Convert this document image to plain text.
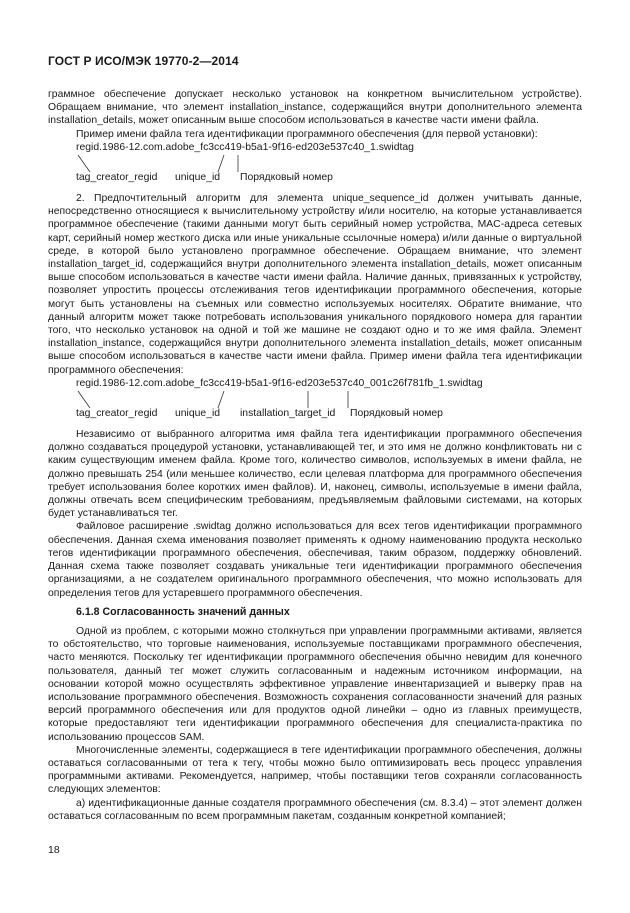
ГОСТ Р ИСО/МЭК 19770-2—2014

граммное обеспечение допускает несколько установок на конкретном вычислительном устройстве). Обращаем внимание, что элемент installation_instance, содержащийся внутри дополнительного элемента installation_details, может описанным выше способом использоваться в качестве части имени файла.

Пример имени файла тега идентификации программного обеспечения (для первой установки):

regid.1986-12.com.adobe_fc3cc419-b5a1-9f16-ed203e537c40_1.swidtag

tag_creator_regid unique_id Порядковый номер

2. Предпочтительный алгоритм для элемента unique_sequence_id должен учитывать данные, непосредственно относящиеся к вычислительному устройству и/или носителю, на которые устанавливается программное обеспечение (такими данными могут быть серийный номер устройства, MAC-адреса сетевых карт, серийный номер жесткого диска или иные уникальные ссылочные номера) и/или данные о виртуальной среде, в которой было установлено программное обеспечение. Обращаем внимание, что элемент installation_target_id, содержащийся внутри дополнительного элемента installation_details, может описанным выше способом использоваться в качестве части имени файла. Наличие данных, привязанных к устройству, позволяет упростить процессы отслеживания тегов идентификации программного обеспечения, которые могут быть установлены на съемных или совместно используемых носителях. Обратите внимание, что данный алгоритм может также потребовать использования уникального порядкового номера для гарантии того, что несколько установок на одной и той же машине не создают одно и то же имя файла. Элемент installation_instance, содержащийся внутри дополнительного элемента installation_details, может описанным выше способом использоваться в качестве части имени файла. Пример имени файла тега идентификации программного обеспечения:

regid.1986-12.com.adobe_fc3cc419-b5a1-9f16-ed203e537c40_001c26f781fb_1.swidtag

tag_creator_regid unique_id installation_target_id Порядковый номер

Независимо от выбранного алгоритма имя файла тега идентификации программного обеспечения должно создаваться процедурой установки, устанавливающей тег, и это имя не должно конфликтовать ни с каким существующим именем файла. Кроме того, количество символов, используемых в имени файла, не должно превышать 254 (или меньшее количество, если целевая платформа для программного обеспечения требует использования более коротких имен файлов). И, наконец, символы, используемые в имени файла, должны отвечать всем специфическим требованиям, предъявляемым файловыми системами, на которых будет устанавливаться тег.

Файловое расширение .swidtag должно использоваться для всех тегов идентификации программного обеспечения. Данная схема именования позволяет применять к одному наименованию продукта несколько тегов идентификации программного обеспечения, обеспечивая, таким образом, поддержку обновлений. Данная схема также позволяет создавать уникальные теги идентификации программного обеспечения организациями, а не создателем оригинального программного обеспечения, что можно использовать для определения тегов для устаревшего программного обеспечения.

6.1.8 Согласованность значений данных

Одной из проблем, с которыми можно столкнуться при управлении программными активами, является то обстоятельство, что торговые наименования, используемые поставщиками программного обеспечения, часто меняются. Поскольку тег идентификации программного обеспечения обычно невидим для конечного пользователя, данный тег может служить согласованным и надежным источником информации, на основании которой можно осуществлять эффективное управление инвентаризацией и выверку прав на использование программного обеспечения. Возможность сохранения согласованности значений для разных версий программного обеспечения или для продуктов одной линейки – одно из главных преимуществ, которые предоставляют теги идентификации программного обеспечения для специалиста-практика по использованию процессов SAM.

Многочисленные элементы, содержащиеся в теге идентификации программного обеспечения, должны оставаться согласованными от тега к тегу, чтобы можно было оптимизировать весь процесс управления программными активами. Рекомендуется, например, чтобы поставщики тегов сохраняли согласованность следующих элементов:

а) идентификационные данные создателя программного обеспечения (см. 8.3.4) – этот элемент должен оставаться согласованным по всем программным пакетам, созданным конкретной компанией;

18
